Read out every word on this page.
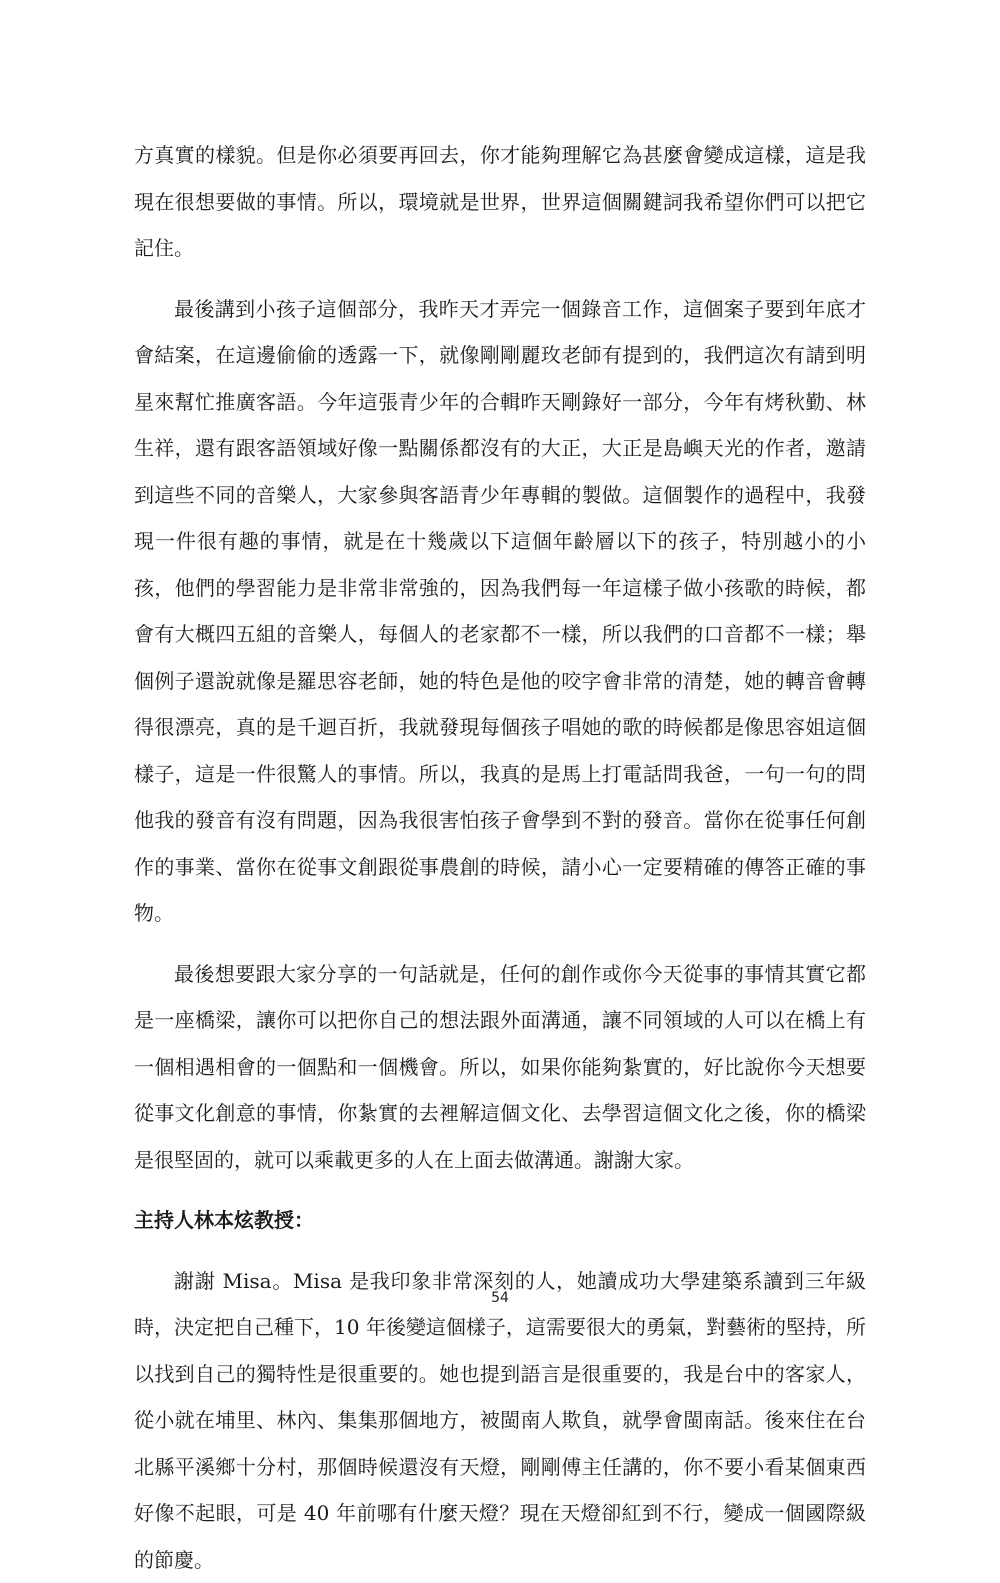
方真實的樣貌。但是你必須要再回去，你才能夠理解它為甚麼會變成這樣，這是我現在很想要做的事情。所以，環境就是世界，世界這個關鍵詞我希望你們可以把它記住。

最後講到小孩子這個部分，我昨天才弄完一個錄音工作，這個案子要到年底才會結案，在這邊偷偷的透露一下，就像剛剛麗玫老師有提到的，我們這次有請到明星來幫忙推廣客語。今年這張青少年的合輯昨天剛錄好一部分，今年有烤秋勤、林生祥，還有跟客語領域好像一點關係都沒有的大正，大正是島嶼天光的作者，邀請到這些不同的音樂人，大家參與客語青少年專輯的製做。這個製作的過程中，我發現一件很有趣的事情，就是在十幾歲以下這個年齡層以下的孩子，特別越小的小孩，他們的學習能力是非常非常強的，因為我們每一年這樣子做小孩歌的時候，都會有大概四五組的音樂人，每個人的老家都不一樣，所以我們的口音都不一樣；舉個例子還說就像是羅思容老師，她的特色是他的咬字會非常的清楚，她的轉音會轉得很漂亮，真的是千迴百折，我就發現每個孩子唱她的歌的時候都是像思容姐這個樣子，這是一件很驚人的事情。所以，我真的是馬上打電話問我爸，一句一句的問他我的發音有沒有問題，因為我很害怕孩子會學到不對的發音。當你在從事任何創作的事業、當你在從事文創跟從事農創的時候，請小心一定要精確的傳答正確的事物。

最後想要跟大家分享的一句話就是，任何的創作或你今天從事的事情其實它都是一座橋梁，讓你可以把你自己的想法跟外面溝通，讓不同領域的人可以在橋上有一個相遇相會的一個點和一個機會。所以，如果你能夠紮實的，好比說你今天想要從事文化創意的事情，你紮實的去裡解這個文化、去學習這個文化之後，你的橋梁是很堅固的，就可以乘載更多的人在上面去做溝通。謝謝大家。

主持人林本炫教授：

謝謝 Misa。Misa 是我印象非常深刻的人，她讀成功大學建築系讀到三年級時，決定把自己種下，10 年後變這個樣子，這需要很大的勇氣，對藝術的堅持，所以找到自己的獨特性是很重要的。她也提到語言是很重要的，我是台中的客家人，從小就在埔里、林內、集集那個地方，被閩南人欺負，就學會閩南話。後來住在台北縣平溪鄉十分村，那個時候還沒有天燈，剛剛傅主任講的，你不要小看某個東西好像不起眼，可是 40 年前哪有什麼天燈？現在天燈卻紅到不行，變成一個國際級的節慶。

54
